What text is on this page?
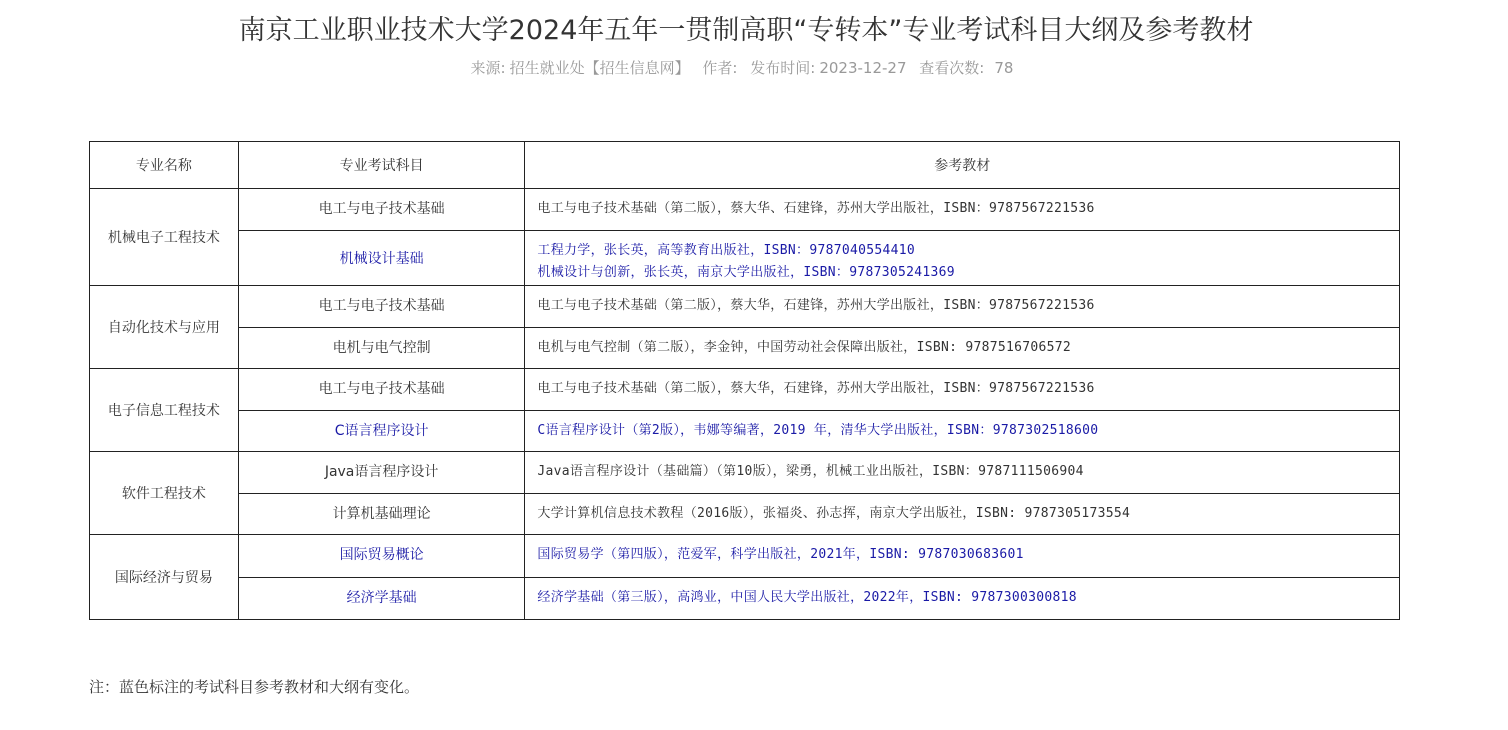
南京工业职业技术大学2024年五年一贯制高职“专转本”专业考试科目大纲及参考教材
来源: 招生就业处【招生信息网】 作者: 发布时间: 2023-12-27 查看次数: 78
专业名称	专业考试科目	参考教材
机械电子工程技术	电工与电子技术基础	电工与电子技术基础（第二版），蔡大华、石建锋，苏州大学出版社，ISBN：9787567221536

	机械设计基础	工程力学，张长英，高等教育出版社，ISBN：9787040554410
机械设计与创新，张长英，南京大学出版社，ISBN：9787305241369

自动化技术与应用	电工与电子技术基础	电工与电子技术基础（第二版），蔡大华，石建锋，苏州大学出版社，ISBN：9787567221536

	电机与电气控制	电机与电气控制（第二版），李金钟，中国劳动社会保障出版社，ISBN: 9787516706572

电子信息工程技术	电工与电子技术基础	电工与电子技术基础（第二版），蔡大华，石建锋，苏州大学出版社，ISBN：9787567221536

	C语言程序设计	C语言程序设计（第2版），韦娜等编著，2019 年，清华大学出版社，ISBN：9787302518600

软件工程技术	Java语言程序设计	Java语言程序设计（基础篇）（第10版），梁勇，机械工业出版社，ISBN：9787111506904

	计算机基础理论	大学计算机信息技术教程（2016版），张福炎、孙志挥，南京大学出版社，ISBN: 9787305173554

国际经济与贸易	国际贸易概论	国际贸易学（第四版），范爱军，科学出版社，2021年，ISBN: 9787030683601

	经济学基础	经济学基础（第三版），高鸿业，中国人民大学出版社，2022年，ISBN: 9787300300818
注：蓝色标注的考试科目参考教材和大纲有变化。
